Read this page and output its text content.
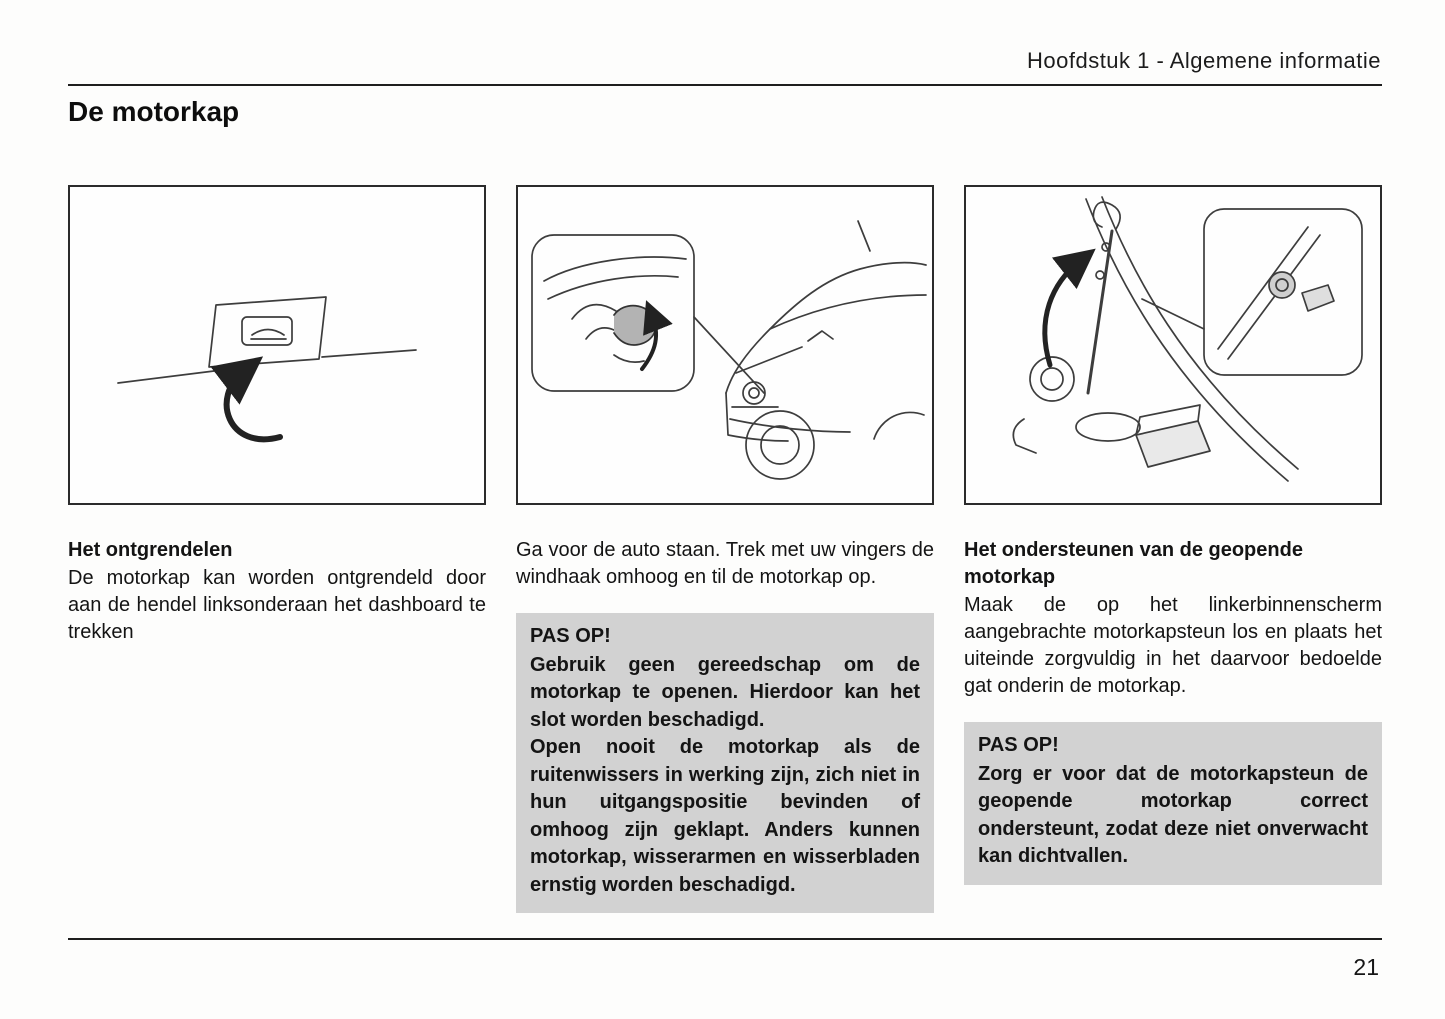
Hoofdstuk 1 - Algemene informatie
De motorkap
Het ontgrendelen

De motorkap kan worden ontgrendeld door aan de hendel linksonderaan het dashboard te trekken

Ga voor de auto staan. Trek met uw vingers de windhaak omhoog en til de motorkap op.

PAS OP!

Gebruik geen gereedschap om de motorkap te openen. Hierdoor kan het slot worden beschadigd.

Open nooit de motorkap als de ruitenwissers in werking zijn, zich niet in hun uitgangspositie bevinden of omhoog zijn geklapt. Anders kunnen motorkap, wisserarmen en wisserbladen ernstig worden beschadigd.

Het ondersteunen van de geopende motorkap

Maak de op het linkerbinnenscherm aangebrachte motorkapsteun los en plaats het uiteinde zorgvuldig in het daarvoor bedoelde gat onderin de motorkap.

PAS OP!

Zorg er voor dat de motorkapsteun de geopende motorkap correct ondersteunt, zodat deze niet onverwacht kan dichtvallen.

21
